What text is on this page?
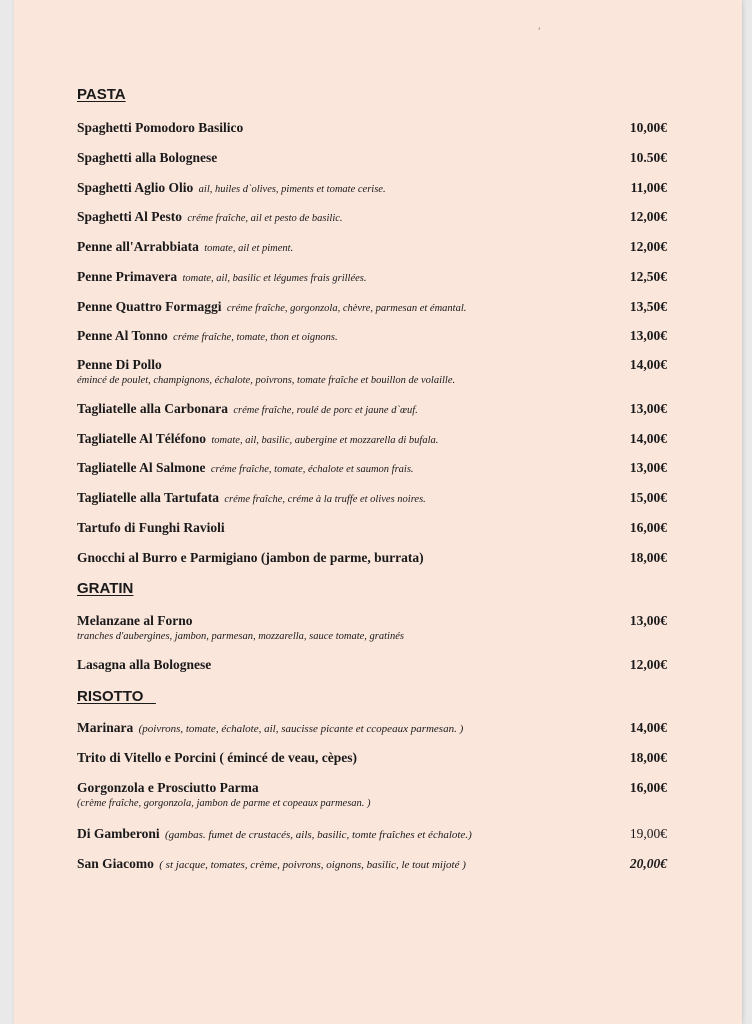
ʻ
PASTA
Spaghetti Pomodoro Basilico	10,00€
Spaghetti alla Bolognese	10.50€
Spaghetti Aglio Olio ail, huiles d`olives, piments et tomate cerise.	11,00€
Spaghetti Al Pesto créme fraîche, ail et pesto de basilic.	12,00€
Penne all'Arrabbiata tomate, ail et piment.	12,00€
Penne Primavera tomate, ail, basilic et légumes frais grillées.	12,50€
Penne Quattro Formaggi créme fraîche, gorgonzola, chèvre, parmesan et émantal.	13,50€
Penne Al Tonno créme fraîche, tomate, thon et oignons.	13,00€
Penne Di Pollo	14,00€
émincé de poulet, champignons, échalote, poivrons, tomate fraîche et bouillon de volaille.
Tagliatelle alla Carbonara créme fraîche, roulé de porc et jaune d`œuf.	13,00€
Tagliatelle Al Téléfono tomate, ail, basilic, aubergine et mozzarella di bufala.	14,00€
Tagliatelle Al Salmone créme fraîche, tomate, échalote et saumon frais.	13,00€
Tagliatelle alla Tartufata créme fraîche, créme à la truffe et olives noires.	15,00€
Tartufo di Funghi Ravioli	16,00€
Gnocchi al Burro e Parmigiano (jambon de parme, burrata)	18,00€
GRATIN
Melanzane al Forno	13,00€
tranches d'aubergines, jambon, parmesan, mozzarella, sauce tomate, gratinés
Lasagna alla Bolognese	12,00€
RISOTTO
Marinara (poivrons, tomate, échalote, ail, saucisse picante et ccopeaux parmesan. )	14,00€
Trito di Vitello e Porcini ( émincé de veau, cèpes)	18,00€
Gorgonzola e Prosciutto Parma	16,00€
(crème fraîche, gorgonzola, jambon de parme et copeaux parmesan. )
Di Gamberoni (gambas. fumet de crustacés, ails, basilic, tomte fraîches et échalote.)	19,00€
San Giacomo ( st jacque, tomates, crème, poivrons, oignons, basilic, le tout mijoté )	20,00€
